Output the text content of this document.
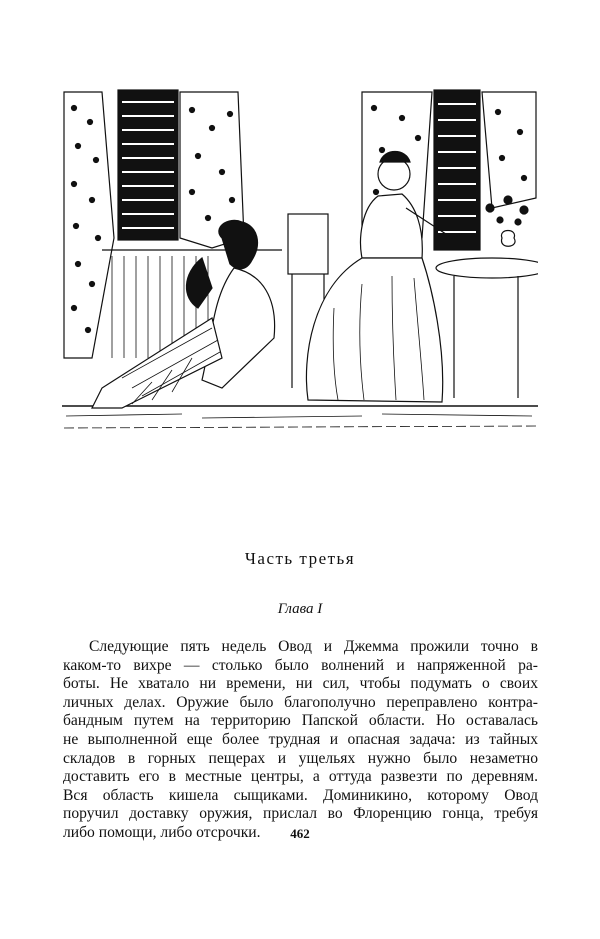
Часть третья
Глава I
Следующие пять недель Овод и Джемма прожили точно в
каком-то вихре — столько было волнений и напряженной ра-
боты. Не хватало ни времени, ни сил, чтобы подумать о своих
личных делах. Оружие было благополучно переправлено контра-
бандным путем на территорию Папской области. Но оставалась
не выполненной еще более трудная и опасная задача: из тайных
складов в горных пещерах и ущельях нужно было незаметно
доставить его в местные центры, а оттуда развезти по деревням.
Вся область кишела сыщиками. Доминикино, которому Овод
поручил доставку оружия, прислал во Флоренцию гонца, требуя
либо помощи, либо отсрочки.	462
